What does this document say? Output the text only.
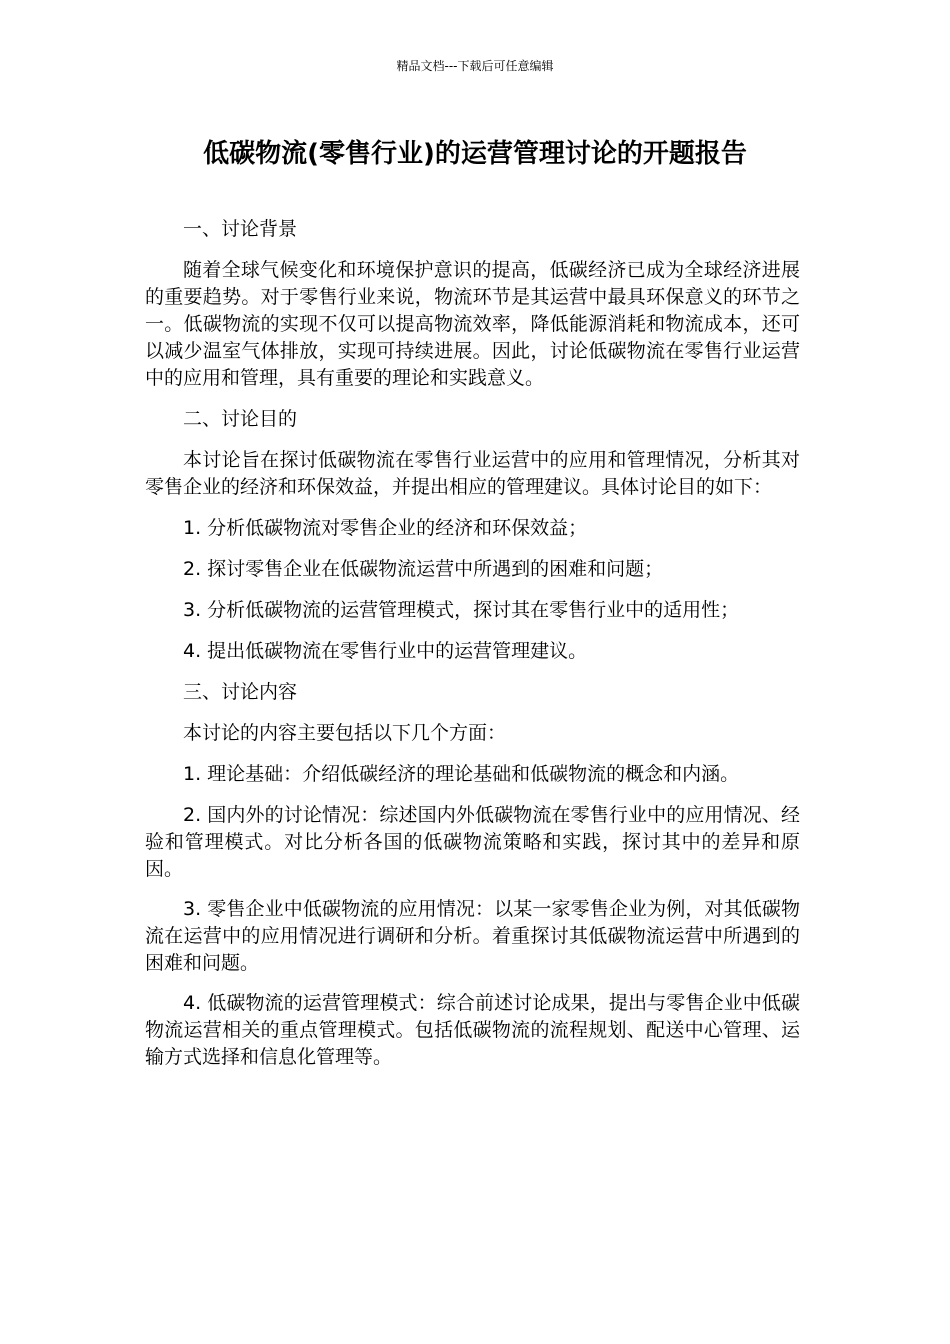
精品文档---下载后可任意编辑
低碳物流(零售行业)的运营管理讨论的开题报告

一、讨论背景

随着全球气候变化和环境保护意识的提高，低碳经济已成为全球经济进展的重要趋势。对于零售行业来说，物流环节是其运营中最具环保意义的环节之一。低碳物流的实现不仅可以提高物流效率，降低能源消耗和物流成本，还可以减少温室气体排放，实现可持续进展。因此，讨论低碳物流在零售行业运营中的应用和管理，具有重要的理论和实践意义。

二、讨论目的

本讨论旨在探讨低碳物流在零售行业运营中的应用和管理情况，分析其对零售企业的经济和环保效益，并提出相应的管理建议。具体讨论目的如下：

1. 分析低碳物流对零售企业的经济和环保效益；

2. 探讨零售企业在低碳物流运营中所遇到的困难和问题；

3. 分析低碳物流的运营管理模式，探讨其在零售行业中的适用性；

4. 提出低碳物流在零售行业中的运营管理建议。

三、讨论内容

本讨论的内容主要包括以下几个方面：

1. 理论基础：介绍低碳经济的理论基础和低碳物流的概念和内涵。

2. 国内外的讨论情况：综述国内外低碳物流在零售行业中的应用情况、经验和管理模式。对比分析各国的低碳物流策略和实践，探讨其中的差异和原因。

3. 零售企业中低碳物流的应用情况：以某一家零售企业为例，对其低碳物流在运营中的应用情况进行调研和分析。着重探讨其低碳物流运营中所遇到的困难和问题。

4. 低碳物流的运营管理模式：综合前述讨论成果，提出与零售企业中低碳物流运营相关的重点管理模式。包括低碳物流的流程规划、配送中心管理、运输方式选择和信息化管理等。
